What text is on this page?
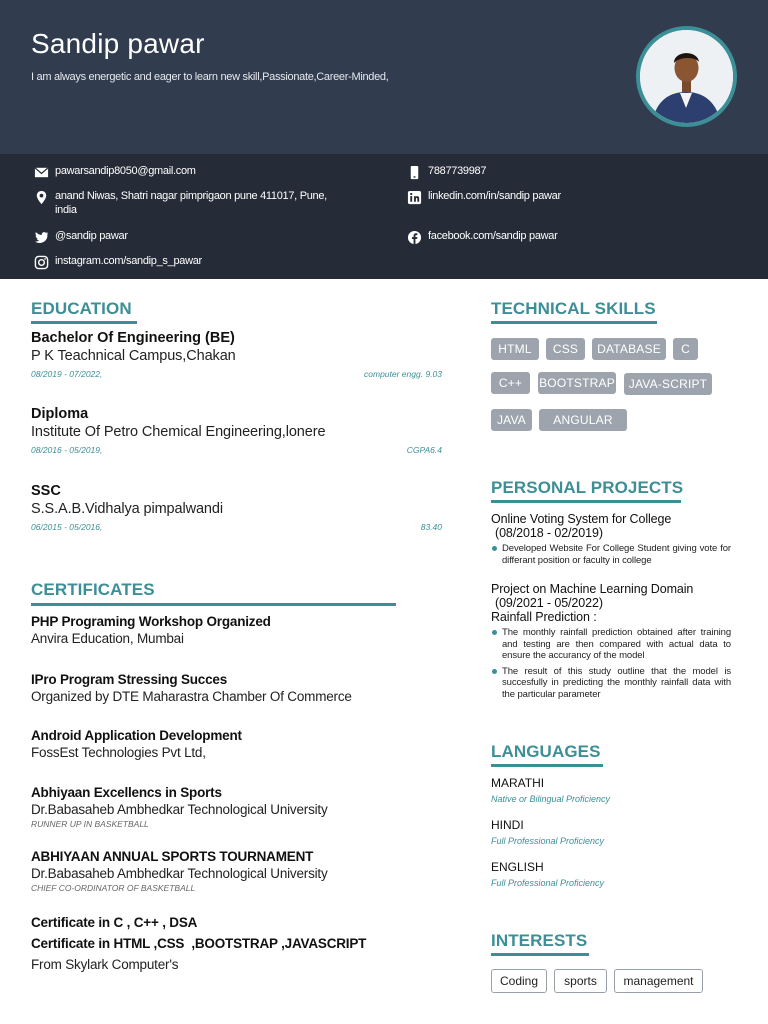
Sandip pawar
I am always energetic and eager to learn new skill,Passionate,Career-Minded,
pawarsandip8050@gmail.com	7887739987
anand Niwas, Shatri nagar pimprigaon pune 411017, Pune, india
linkedin.com/in/sandip pawar
@sandip pawar	facebook.com/sandip pawar
instagram.com/sandip_s_pawar
EDUCATION
Bachelor Of Engineering (BE)
P K Teachnical Campus,Chakan
08/2019 - 07/2022,	computer engg. 9.03
Diploma
Institute Of Petro Chemical Engineering,lonere
08/2016 - 05/2019,	CGPA6.4
SSC
S.S.A.B.Vidhalya pimpalwandi
06/2015 - 05/2016,	83.40
CERTIFICATES
PHP Programing Workshop Organized
Anvira Education, Mumbai
IPro Program Stressing Succes
Organized by DTE Maharastra Chamber Of Commerce
Android Application Development
FossEst Technologies Pvt Ltd,
Abhiyaan Excellencs in Sports
Dr.Babasaheb Ambhedkar Technological University
RUNNER UP IN BASKETBALL
ABHIYAAN ANNUAL SPORTS TOURNAMENT
Dr.Babasaheb Ambhedkar Technological University
CHIEF CO-ORDINATOR OF BASKETBALL
Certificate in C , C++ , DSA
Certificate in HTML ,CSS  ,BOOTSTRAP ,JAVASCRIPT
From Skylark Computer's
TECHNICAL SKILLS
HTML	CSS	DATABASE	C
C++	BOOTSTRAP	JAVA-SCRIPT
JAVA	ANGULAR
PERSONAL PROJECTS
Online Voting System for College
(08/2018 - 02/2019)
Developed Website For College Student giving vote for differant position or faculty in college
Project on Machine Learning Domain
(09/2021 - 05/2022)
Rainfall Prediction :
The monthly rainfall prediction obtained after training and testing are then compared with actual data to ensure the accurancy of the model
The result of this study outline that the model is succesfully in predicting the monthly rainfall data with the particular parameter
LANGUAGES
MARATHI
Native or Bilingual Proficiency
HINDI
Full Professional Proficiency
ENGLISH
Full Professional Proficiency
INTERESTS
Coding	sports	management
